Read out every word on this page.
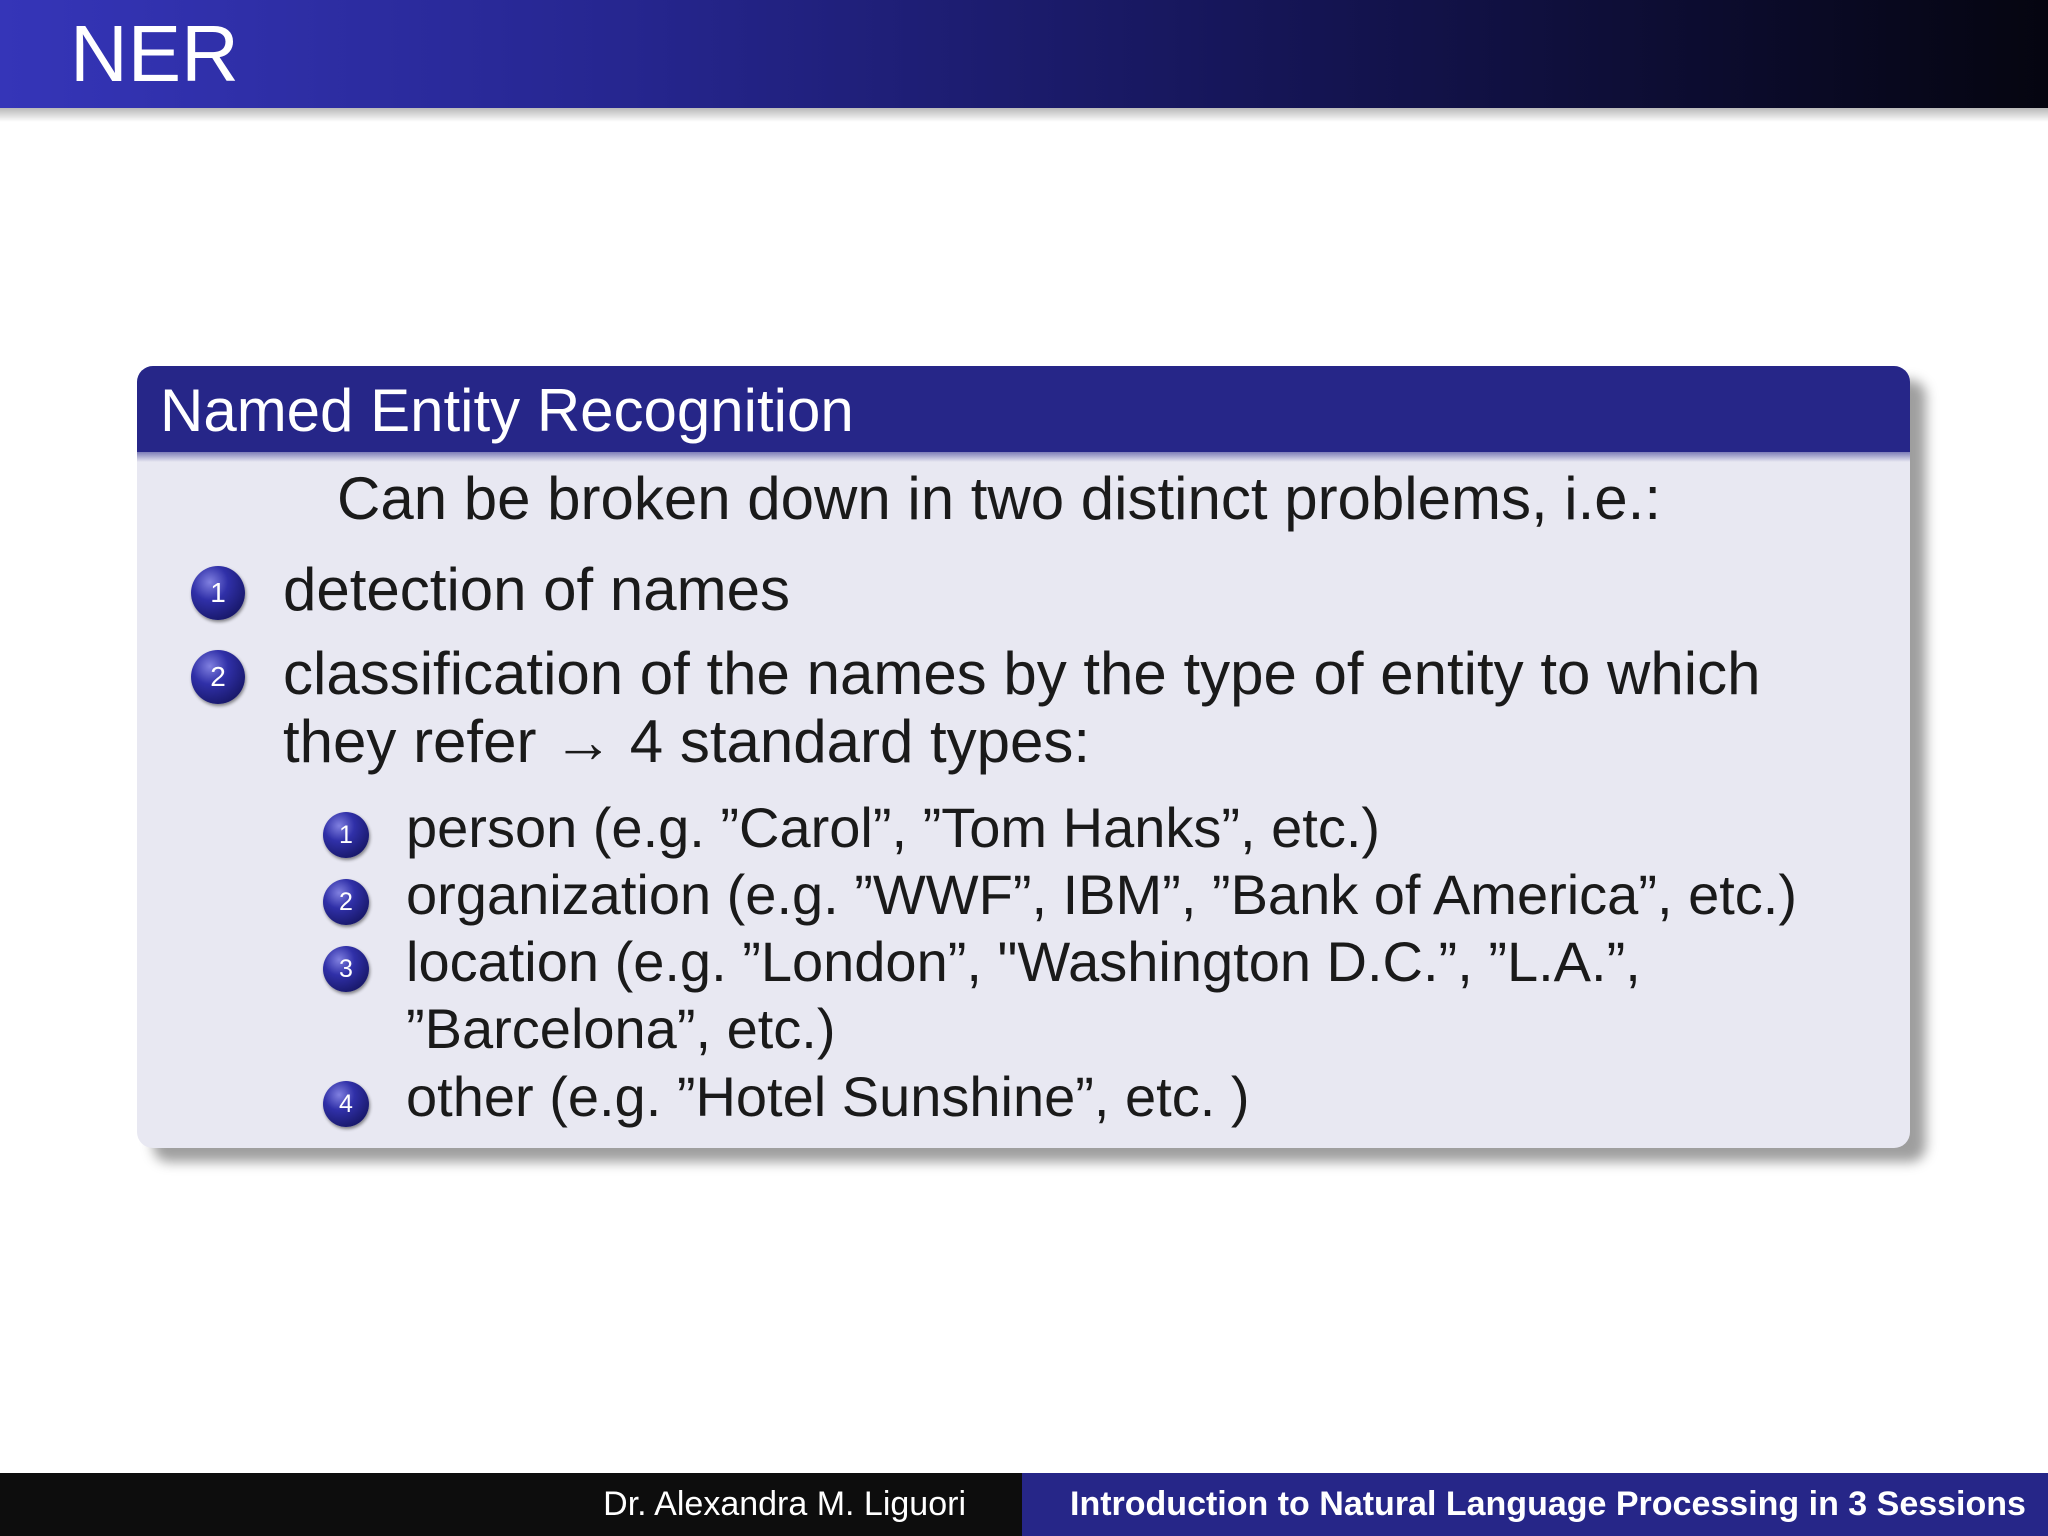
NER
Named Entity Recognition
Can be broken down in two distinct problems, i.e.:
1 detection of names
2 classification of the names by the type of entity to which
they refer → 4 standard types:
1 person (e.g. ”Carol”, ”Tom Hanks”, etc.)
2 organization (e.g. ”WWF”, IBM”, ”Bank of America”, etc.)
3 location (e.g. ”London”, "Washington D.C.”, ”L.A.”,
”Barcelona”, etc.)
4 other (e.g. ”Hotel Sunshine”, etc. )
Dr. Alexandra M. Liguori	Introduction to Natural Language Processing in 3 Sessions
